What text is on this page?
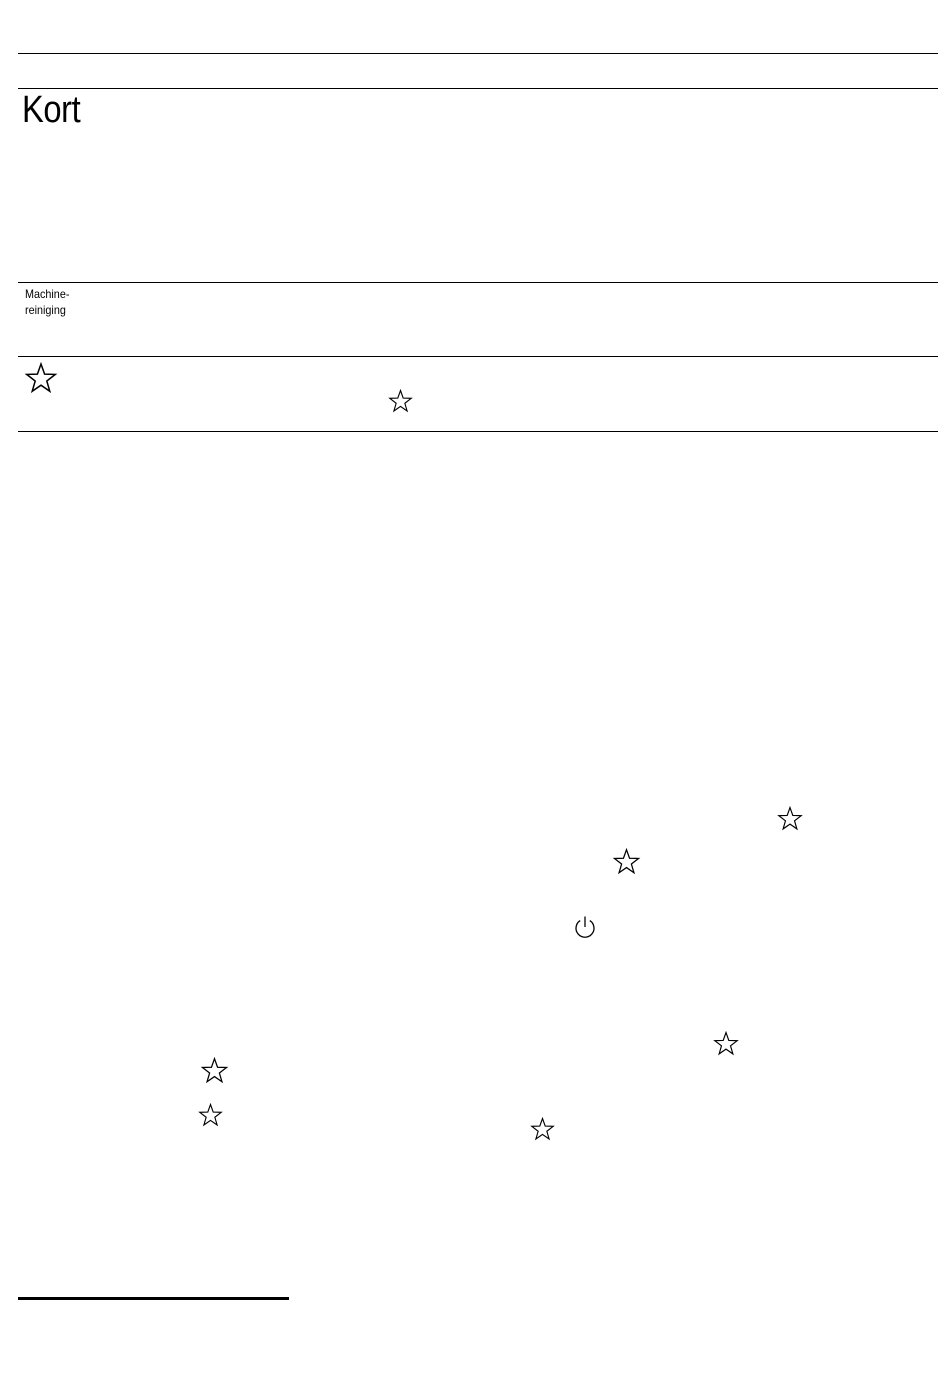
Kort
Machine-
reiniging
